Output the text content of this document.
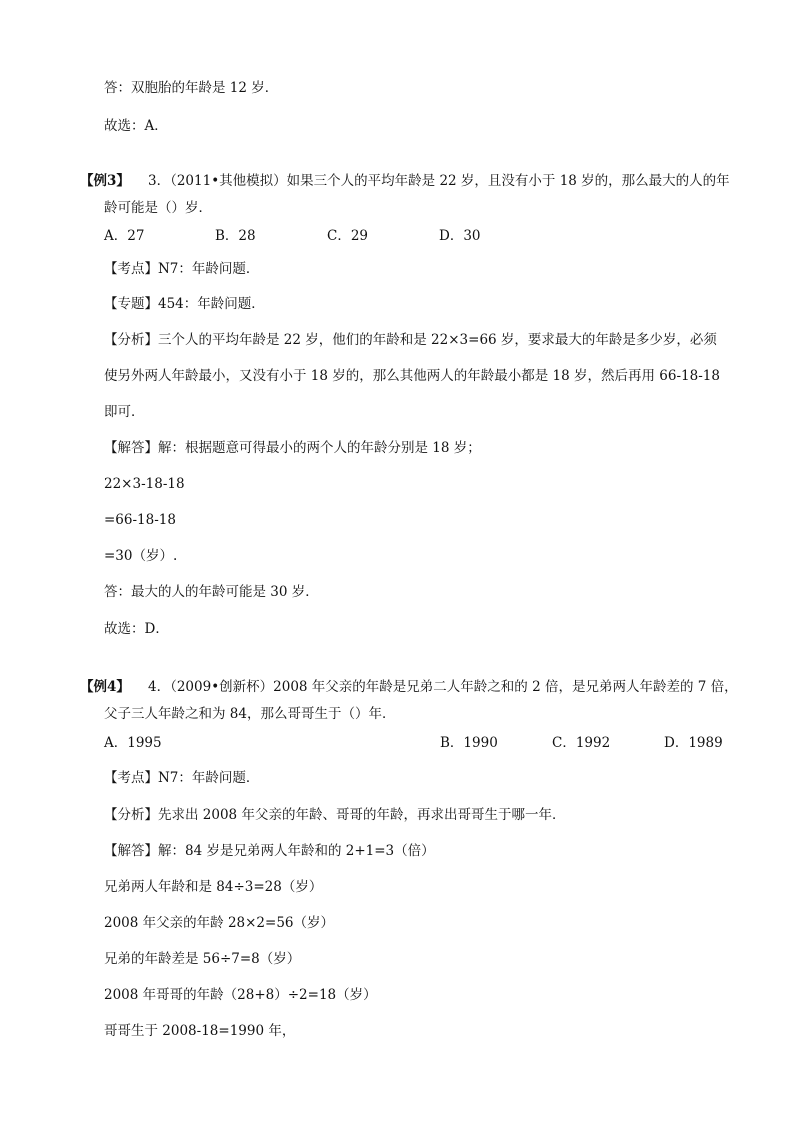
答：双胞胎的年龄是 12 岁．
故选：A．
【例3】 3．（2011•其他模拟）如果三个人的平均年龄是 22 岁，且没有小于 18 岁的，那么最大的人的年
龄可能是（）岁．
A．27	B．28	C．29	D．30
【考点】N7：年龄问题．
【专题】454：年龄问题．
【分析】三个人的平均年龄是 22 岁，他们的年龄和是 22×3=66 岁，要求最大的年龄是多少岁，必须
使另外两人年龄最小，又没有小于 18 岁的，那么其他两人的年龄最小都是 18 岁，然后再用 66-18-18
即可．
【解答】解：根据题意可得最小的两个人的年龄分别是 18 岁；
22×3-18-18
=66-18-18
=30（岁）.
答：最大的人的年龄可能是 30 岁．
故选：D．
【例4】 4．（2009•创新杯）2008 年父亲的年龄是兄弟二人年龄之和的 2 倍，是兄弟两人年龄差的 7 倍，
父子三人年龄之和为 84，那么哥哥生于（）年．
A．1995	B．1990	C．1992	D．1989
【考点】N7：年龄问题．
【分析】先求出 2008 年父亲的年龄、哥哥的年龄，再求出哥哥生于哪一年．
【解答】解：84 岁是兄弟两人年龄和的 2+1=3（倍）
兄弟两人年龄和是 84÷3=28（岁）
2008 年父亲的年龄 28×2=56（岁）
兄弟的年龄差是 56÷7=8（岁）
2008 年哥哥的年龄（28+8）÷2=18（岁）
哥哥生于 2008-18=1990 年，
